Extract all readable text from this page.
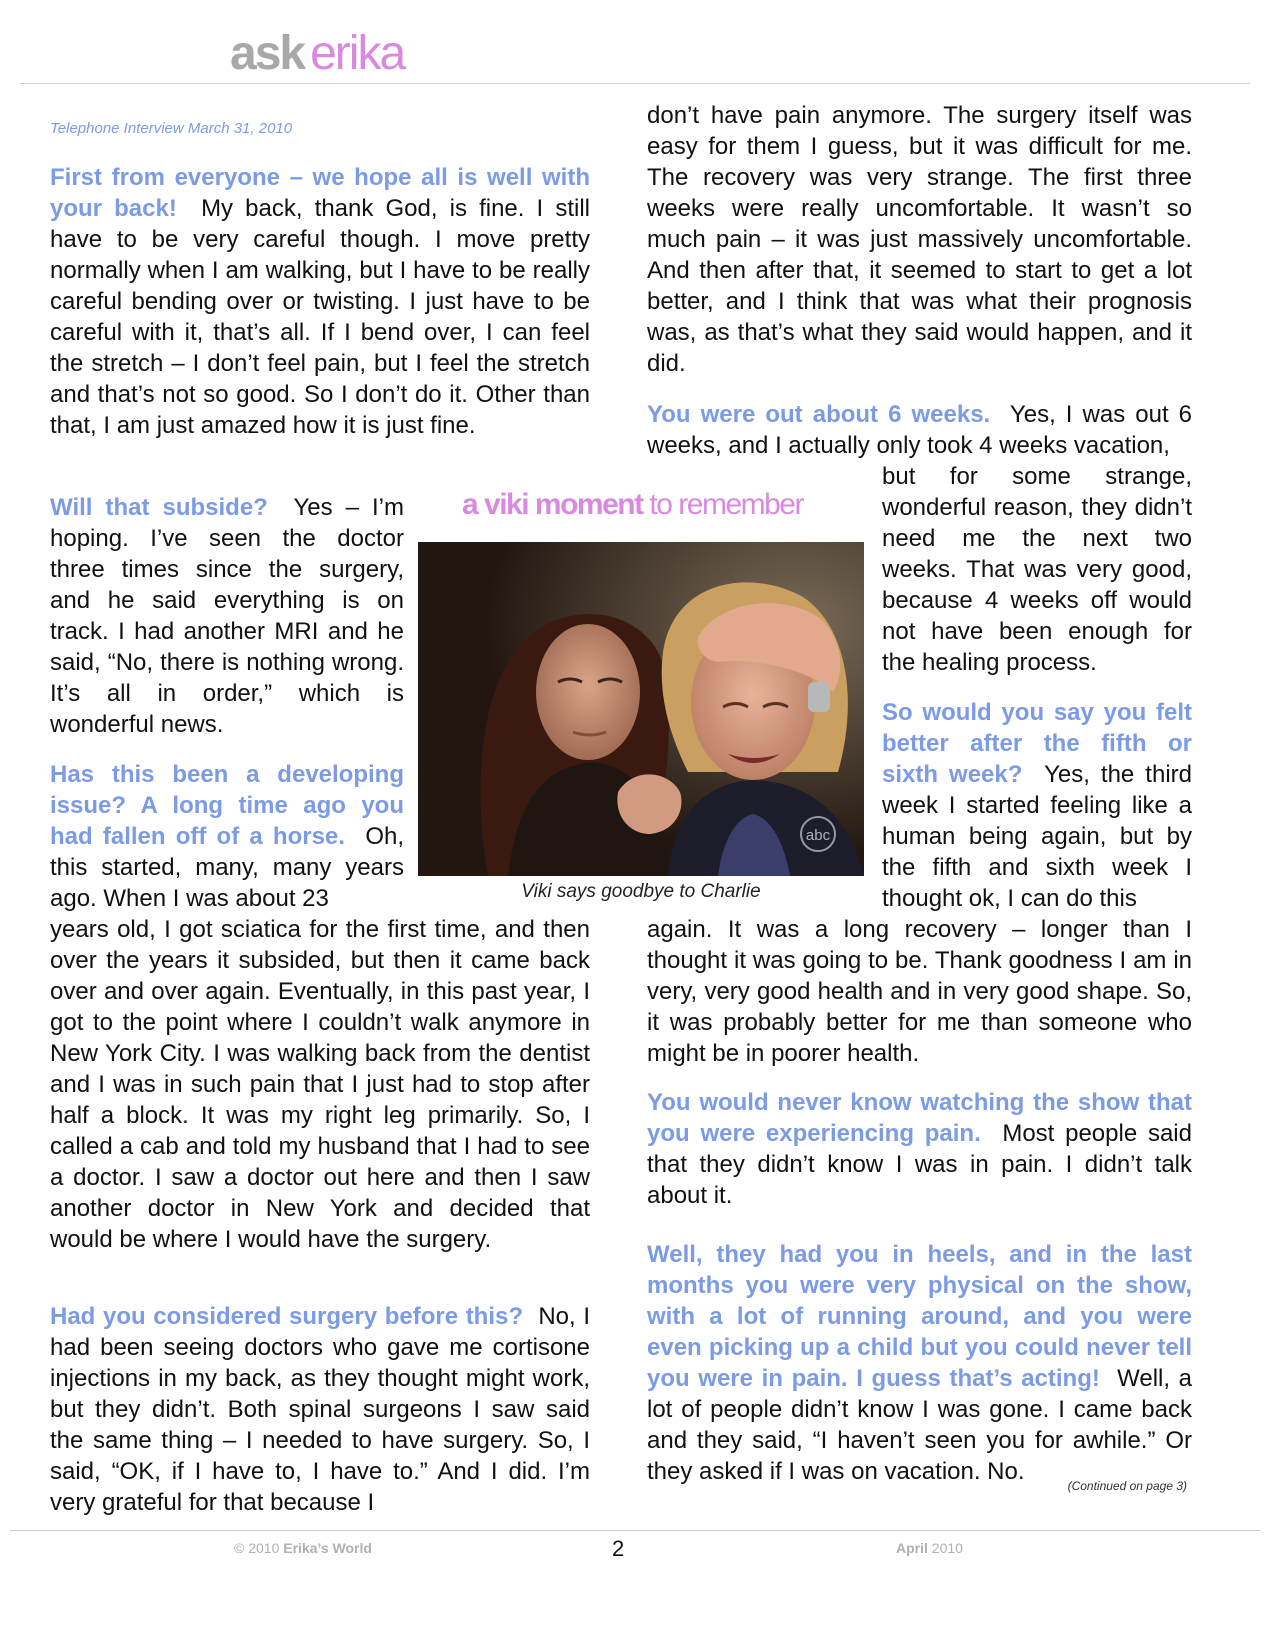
ask erika
Telephone Interview March 31, 2010

First from everyone – we hope all is well with your back! My back, thank God, is fine. I still have to be very careful though. I move pretty normally when I am walking, but I have to be really careful bending over or twisting. I just have to be careful with it, that’s all. If I bend over, I can feel the stretch – I don’t feel pain, but I feel the stretch and that’s not so good. So I don’t do it. Other than that, I am just amazed how it is just fine.

Will that subside? Yes – I’m hoping. I’ve seen the doctor three times since the surgery, and he said everything is on track. I had another MRI and he said, “No, there is nothing wrong. It’s all in order,” which is wonderful news.

Has this been a developing issue? A long time ago you had fallen off of a horse. Oh, this started, many, many years ago. When I was about 23

years old, I got sciatica for the first time, and then over the years it subsided, but then it came back over and over again. Eventually, in this past year, I got to the point where I couldn’t walk anymore in New York City. I was walking back from the dentist and I was in such pain that I just had to stop after half a block. It was my right leg primarily. So, I called a cab and told my husband that I had to see a doctor. I saw a doctor out here and then I saw another doctor in New York and decided that would be where I would have the surgery.

Had you considered surgery before this? No, I had been seeing doctors who gave me cortisone injections in my back, as they thought might work, but they didn’t. Both spinal surgeons I saw said the same thing – I needed to have surgery. So, I said, “OK, if I have to, I have to.” And I did. I’m very grateful for that because I

don’t have pain anymore. The surgery itself was easy for them I guess, but it was difficult for me. The recovery was very strange. The first three weeks were really uncomfortable. It wasn’t so much pain – it was just massively uncomfortable. And then after that, it seemed to start to get a lot better, and I think that was what their prognosis was, as that’s what they said would happen, and it did.

You were out about 6 weeks. Yes, I was out 6 weeks, and I actually only took 4 weeks vacation,

but for some strange, wonderful reason, they didn’t need me the next two weeks. That was very good, because 4 weeks off would not have been enough for the healing process.

So would you say you felt better after the fifth or sixth week? Yes, the third week I started feeling like a human being again, but by the fifth and sixth week I thought ok, I can do this

again. It was a long recovery – longer than I thought it was going to be. Thank goodness I am in very, very good health and in very good shape. So, it was probably better for me than someone who might be in poorer health.

You would never know watching the show that you were experiencing pain. Most people said that they didn’t know I was in pain. I didn’t talk about it.

Well, they had you in heels, and in the last months you were very physical on the show, with a lot of running around, and you were even picking up a child but you could never tell you were in pain. I guess that’s acting! Well, a lot of people didn’t know I was gone. I came back and they said, “I haven’t seen you for awhile.” Or they asked if I was on vacation. No.

(Continued on page 3)
a viki moment to remember
abc
Viki says goodbye to Charlie
© 2010 Erika’s World	2	April 2010
